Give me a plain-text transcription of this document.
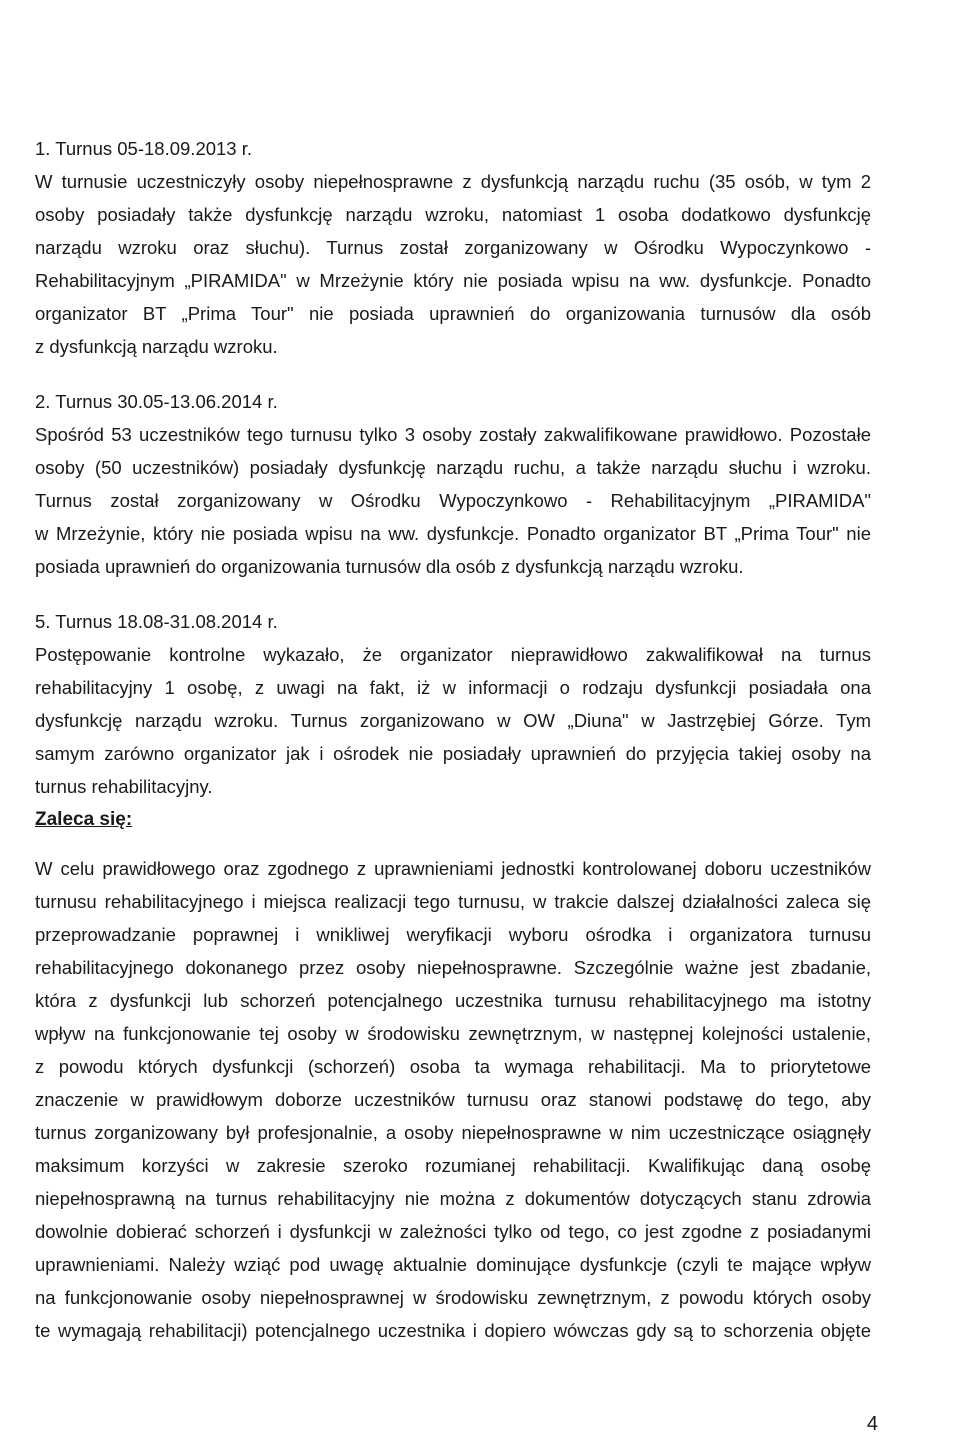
1. Turnus 05-18.09.2013 r.
W turnusie uczestniczyły osoby niepełnosprawne z dysfunkcją narządu ruchu (35 osób, w tym 2
osoby posiadały także dysfunkcję narządu wzroku, natomiast 1 osoba dodatkowo dysfunkcję
narządu wzroku oraz słuchu). Turnus został zorganizowany w Ośrodku Wypoczynkowo -
Rehabilitacyjnym „PIRAMIDA" w Mrzeżynie który nie posiada wpisu na ww. dysfunkcje. Ponadto
organizator BT „Prima Tour" nie posiada uprawnień do organizowania turnusów dla osób
z dysfunkcją narządu wzroku.
2. Turnus 30.05-13.06.2014 r.
Spośród 53 uczestników tego turnusu tylko 3 osoby zostały zakwalifikowane prawidłowo. Pozostałe
osoby (50 uczestników) posiadały dysfunkcję narządu ruchu, a także narządu słuchu i wzroku.
Turnus został zorganizowany w Ośrodku Wypoczynkowo - Rehabilitacyjnym „PIRAMIDA"
w Mrzeżynie, który nie posiada wpisu na ww. dysfunkcje. Ponadto organizator BT „Prima Tour" nie
posiada uprawnień do organizowania turnusów dla osób z dysfunkcją narządu wzroku.
5. Turnus 18.08-31.08.2014 r.
Postępowanie kontrolne wykazało, że organizator nieprawidłowo zakwalifikował na turnus
rehabilitacyjny 1 osobę, z uwagi na fakt, iż w informacji o rodzaju dysfunkcji posiadała ona
dysfunkcję narządu wzroku. Turnus zorganizowano w OW „Diuna" w Jastrzębiej Górze. Tym
samym zarówno organizator jak i ośrodek nie posiadały uprawnień do przyjęcia takiej osoby na
turnus rehabilitacyjny.
Zaleca się:
W celu prawidłowego oraz zgodnego z uprawnieniami jednostki kontrolowanej doboru uczestników
turnusu rehabilitacyjnego i miejsca realizacji tego turnusu, w trakcie dalszej działalności zaleca się
przeprowadzanie poprawnej i wnikliwej weryfikacji wyboru ośrodka i organizatora turnusu
rehabilitacyjnego dokonanego przez osoby niepełnosprawne. Szczególnie ważne jest zbadanie,
która z dysfunkcji lub schorzeń potencjalnego uczestnika turnusu rehabilitacyjnego ma istotny
wpływ na funkcjonowanie tej osoby w środowisku zewnętrznym, w następnej kolejności ustalenie,
z powodu których dysfunkcji (schorzeń) osoba ta wymaga rehabilitacji. Ma to priorytetowe
znaczenie w prawidłowym doborze uczestników turnusu oraz stanowi podstawę do tego, aby
turnus zorganizowany był profesjonalnie, a osoby niepełnosprawne w nim uczestniczące osiągnęły
maksimum korzyści w zakresie szeroko rozumianej rehabilitacji. Kwalifikując daną osobę
niepełnosprawną na turnus rehabilitacyjny nie można z dokumentów dotyczących stanu zdrowia
dowolnie dobierać schorzeń i dysfunkcji w zależności tylko od tego, co jest zgodne z posiadanymi
uprawnieniami. Należy wziąć pod uwagę aktualnie dominujące dysfunkcje (czyli te mające wpływ
na funkcjonowanie osoby niepełnosprawnej w środowisku zewnętrznym, z powodu których osoby
te wymagają rehabilitacji) potencjalnego uczestnika i dopiero wówczas gdy są to schorzenia objęte
4
